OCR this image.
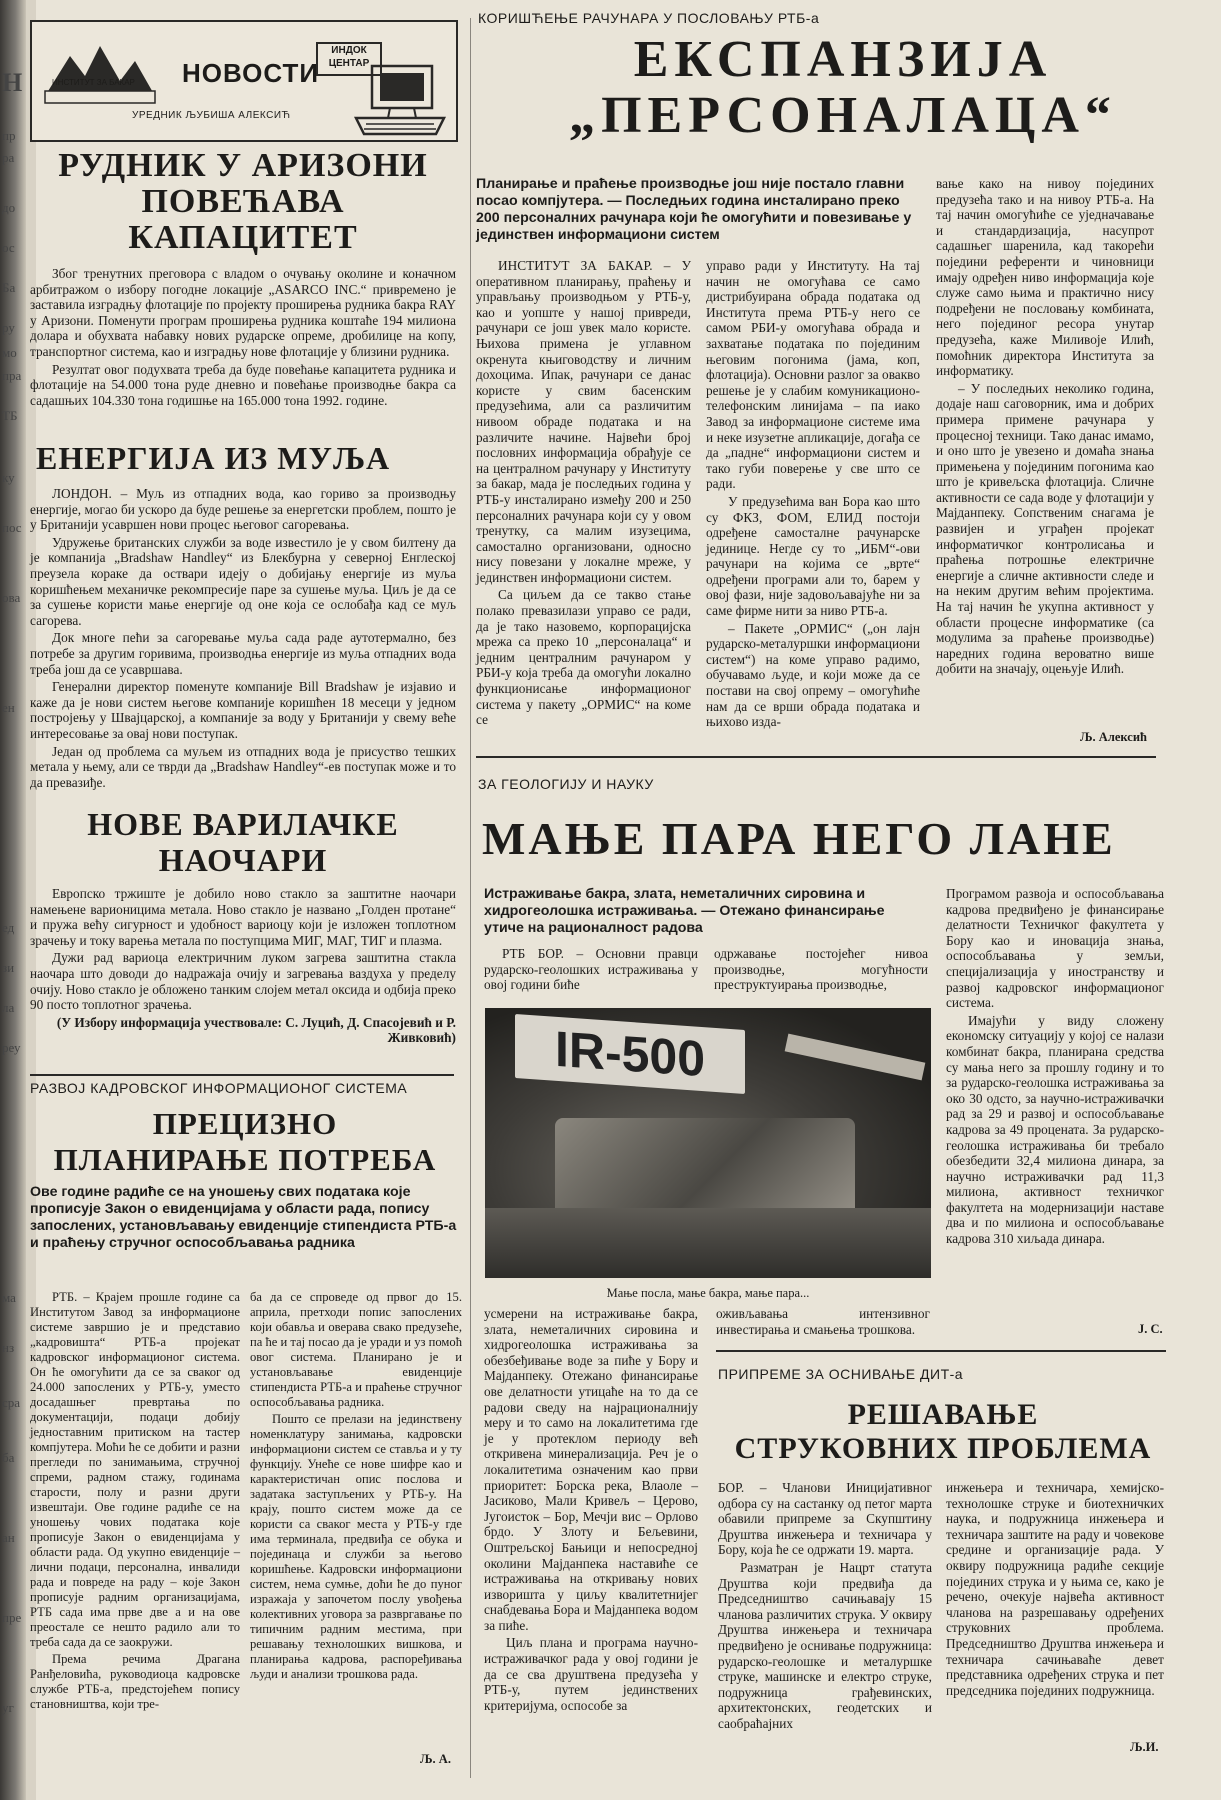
Н
пр
ра
до
ос
Ба
ру
мо
пра
ТБ
ку
пос
ова
ен
ед
зи
ла
реу
ма
нз
сра
ба
ан
пре
уг
ИНСТИТУТ ЗА БАКАР НОВОСТИ
ИНДОК ЦЕНТАР
УРЕДНИК ЉУБИША АЛЕКСИЋ
РУДНИК У АРИЗОНИ
ПОВЕЋАВА
КАПАЦИТЕТ

Због тренутних преговора с владом о очувању околине и коначном арбитражом о избору погодне локације „ASARCO INC.“ привремено је заставила изградњу флотације по пројекту проширења рудника бакра RAY у Аризони. Поменути програм проширења рудника коштаће 194 милиона долара и обухвата набавку нових рударске опреме, дробилице на копу, транспортног система, као и изградњу нове флотације у близини рудника.

Резултат овог подухвата треба да буде повећање капацитета рудника и флотације на 54.000 тона руде дневно и повећање производње бакра са садашњих 104.330 тона годишње на 165.000 тона 1992. године.

ЕНЕРГИЈА ИЗ МУЉА

ЛОНДОН. – Муљ из отпадних вода, као гориво за производњу енергије, могао би ускоро да буде решење за енергетски проблем, пошто је у Британији усавршен нови процес његовог сагоревања.

Удружење британских служби за воде известило је у свом билтену да је компанија „Bradshaw Handley“ из Блекбурна у северној Енглеској преузела кораке да оствари идеју о добијању енергије из муља коришћењем механичке рекомпресије паре за сушење муља. Циљ је да се за сушење користи мање енергије од оне која се ослобађа кад се муљ сагорева.

Док многе пећи за сагоревање муља сада раде аутотермално, без потребе за другим горивима, производња енергије из муља отпадних вода треба још да се усавршава.

Генерални директор поменуте компаније Bill Bradshaw је изјавио и каже да је нови систем његове компаније коришћен 18 месеци у једном постројењу у Швајцарској, а компаније за воду у Британији у свему веће интересовање за овај нови поступак.

Један од проблема са муљем из отпадних вода је присуство тешких метала у њему, али се тврди да „Bradshaw Handley“-ев поступак може и то да превазиђе.

НОВЕ ВАРИЛАЧКЕ
НАОЧАРИ

Европско тржиште је добило ново стакло за заштитне наочари намењене варионицима метала. Ново стакло је названо „Голден протане“ и пружа већу сигурност и удобност вариоцу који је изложен топлотном зрачењу и току варења метала по поступцима МИГ, МАГ, ТИГ и плазма.

Дужи рад вариоца електричним луком загрева заштитна стакла наочара што доводи до надражаја очију и загревања ваздуха у пределу очију. Ново стакло је обложено танким слојем метал оксида и одбија преко 90 посто топлотног зрачења.

(У Избору информација учествовале: С. Луцић, Д. Спасојевић и Р. Живковић)

РАЗВОЈ КАДРОВСКОГ ИНФОРМАЦИОНОГ СИСТЕМА
ПРЕЦИЗНО
ПЛАНИРАЊЕ ПОТРЕБА
Ове године радиће се на уношењу свих података које прописује Закон о евиденцијама у области рада, попису запослених, установљавању евиденције стипендиста РТБ-а и праћењу стручног оспособљавања радника

РТБ. – Крајем прошле године са Институтом Завод за информационе системе завршио је и представио „кадровишта“ РТБ-а пројекат кадровског информационог система. Он ће омогућити да се за сваког од 24.000 запослених у РТБ-у, уместо досадашњег превртања по документацији, подаци добију једноставним притиском на тастер компјутера. Моћи ће се добити и разни прегледи по занимањима, стручној спреми, радном стажу, годинама старости, полу и разни други извештаји. Ове године радиће се на уношењу чових података које прописује Закон о евиденцијама у области рада. Од укупно евиденције – лични подаци, персонална, инвалиди рада и повреде на раду – које Закон прописује радним организацијама, РТБ сада има прве две а и на ове преостале се нешто радило али то треба сада да се заокружи.

Према речима Драгана Ранђеловића, руководиоца кадровске службе РТБ-а, предстојећем попису становништва, који тре-

ба да се спроведе од првог до 15. априла, претходи попис запослених који обавља и оверава свако предузеће, па ће и тај посао да је уради и уз помоћ овог система. Планирано је и установљавање евиденције стипендиста РТБ-а и праћење стручног оспособљавања радника.

Пошто се прелази на јединствену номенклатуру занимања, кадровски информациони систем се ставља и у ту функцију. Унеће се нове шифре као и карактеристичан опис послова и задатака заступљених у РТБ-у. На крају, пошто систем може да се користи са сваког места у РТБ-у где има терминала, предвиђа се обука и појединаца и служби за његово коришћење. Кадровски информациони систем, нема сумње, доћи ће до пуног изражаја у започетом послу увођења колективних уговора за развргавање по типичним радним местима, при решавању технолошких вишкова, и планирања кадрова, распоређивања људи и анализи трошкова рада.

Љ. А.
КОРИШЋЕЊЕ РАЧУНАРА У ПОСЛОВАЊУ РТБ-а
ЕКСПАНЗИЈА
„ПЕРСОНАЛАЦА“
Планирање и праћење производње још није постало главни посао компјутера. — Последњих година инсталирано преко 200 персоналних рачунара који ће омогућити и повезивање у јединствен информациони систем

ИНСТИТУТ ЗА БАКАР. – У оперативном планирању, праћењу и управљању производњом у РТБ-у, као и уопште у нашој привреди, рачунари се још увек мало користе. Њихова примена је углавном окренута књиговодству и личним дохоцима. Ипак, рачунари се данас користе у свим басенским предузећима, али са различитим нивоом обраде података и на различите начине. Највећи број пословних информација обрађује се на централном рачунару у Институту за бакар, мада је последњих година у РТБ-у инсталирано између 200 и 250 персоналних рачунара који су у овом тренутку, са малим изузецима, самостално организовани, односно нису повезани у локалне мреже, у јединствен информациони систем.

Са циљем да се такво стање полако превазилази управо се ради, да је тако назовемо, корпорацијска мрежа са преко 10 „персоналаца“ и једним централним рачунаром у РБИ-у која треба да омогући локално функционисање информационог система у пакету „ОРМИС“ на коме се

управо ради у Институту. На тај начин не омогућава се само дистрибуирана обрада података од Института према РТБ-у него се самом РБИ-у омогућава обрада и захватање података по појединим његовим погонима (јама, коп, флотација). Основни разлог за овакво решење је у слабим комуникационо-телефонским линијама – па иако Завод за информационе системе има и неке изузетне апликације, догађа се да „падне“ информациони систем и тако губи поверење у све што се ради.

У предузећима ван Бора као што су ФКЗ, ФОМ, ЕЛИД постоји одређене самосталне рачунарске јединице. Негде су то „ИБМ“-ови рачунари на којима се „врте“ одређени програми али то, барем у овој фази, није задовољавајуће ни за саме фирме нити за ниво РТБ-а.

– Пакете „ОРМИС“ („он лајн рударско-металуршки информациони систем“) на коме управо радимо, обучавамо људе, и који може да се постави на свој опрему – омогућиће нам да се врши обрада података и њихово изда-

вање како на нивоу појединих предузећа тако и на нивоу РТБ-а. На тај начин омогућиће се уједначавање и стандардизација, насупрот садашњег шаренила, кад такорећи поједини референти и чиновници имају одређен ниво информација које служе само њима и практично нису подређени не пословању комбината, него појединог ресора унутар предузећа, каже Миливоје Илић, помоћник директора Института за информатику.

– У последњих неколико година, додаје наш саговорник, има и добрих примера примене рачунара у процесној техници. Тако данас имамо, и оно што је увезено и домаћа знања примењена у појединим погонима као што је кривељска флотација. Сличне активности се сада воде у флотацији у Мајданпеку. Сопственим снагама је развијен и уграђен пројекат информатичког контролисања и праћења потрошње електричне енергије а сличне активности следе и на неким другим већим пројектима. На тај начин ће укупна активност у области процесне информатике (са модулима за праћење производње) наредних година вероватно више добити на значају, оцењује Илић.

Љ. Алексић
ЗА ГЕОЛОГИЈУ И НАУКУ
МАЊЕ ПАРА НЕГО ЛАНЕ
Истраживање бакра, злата, неметаличних сировина и хидрогеолошка истраживања. — Отежано финансирање утиче на рационалност радова

РТБ БОР. – Основни правци рударско-геолошких истраживања у овој години биће

одржавање постојећег нивоа производње, могућности преструктуирања производње,

IR-500
Мање посла, мање бакра, мање пара...

усмерени на истраживање бакра, злата, неметаличних сировина и хидрогеолошка истраживања за обезбеђивање воде за пиће у Бору и Мајданпеку. Отежано финансирање ове делатности утицаће на то да се радови сведу на најрационалнију меру и то само на локалитетима где је у протеклом периоду већ откривена минерализација. Реч је о локалитетима означеним као први приоритет: Борска река, Влаоле – Јасиково, Мали Кривељ – Церово, Југоисток – Бор, Мечји вис – Орлово брдо. У Злоту и Бељевини, Оштрељској Бањици и непосредној околини Мајданпека наставиће се истраживања на откривању нових изворишта у циљу квалитетнијег снабдевања Бора и Мајданпека водом за пиће.

Циљ плана и програма научно-истраживачког рада у овој години је да се сва друштвена предузећа у РТБ-у, путем јединствених критеријума, оспособе за

оживљавања интензивног инвестирања и смањења трошкова.

Програмом развоја и оспособљавања кадрова предвиђено је финансирање делатности Техничког факултета у Бору као и иновација знања, оспособљавања у земљи, специјализација у иностранству и развој кадровског информационог система.

Имајући у виду сложену економску ситуацију у којој се налази комбинат бакра, планирана средства су мања него за прошлу годину и то за рударско-геолошка истраживања за око 30 одсто, за научно-истраживачки рад за 29 и развој и оспособљавање кадрова за 49 процената. За рударско-геолошка истраживања би требало обезбедити 32,4 милиона динара, за научно истраживачки рад 11,3 милиона, активност техничког факултета на модернизацији наставе два и по милиона и оспособљавање кадрова 310 хиљада динара.

Ј. С.
ПРИПРЕМЕ ЗА ОСНИВАЊЕ ДИТ-а
РЕШАВАЊЕ
СТРУКОВНИХ ПРОБЛЕМА

БОР. – Чланови Иницијативног одбора су на састанку од петог марта обавили припреме за Скупштину Друштва инжењера и техничара у Бору, која ће се одржати 19. марта.

Разматран је Нацрт статута Друштва који предвиђа да Председништво сачињавају 15 чланова различитих струка. У оквиру Друштва инжењера и техничара предвиђено је оснивање подружница: рударско-геолошке и металуршке струке, машинске и електро струке, подружница грађевинских, архитектонских, геодетских и саобраћајних

инжењера и техничара, хемијско-технолошке струке и биотехничких наука, и подружница инжењера и техничара заштите на раду и човекове средине и организације рада. У оквиру подружница радиће секције појединих струка и у њима се, како је речено, очекује највећа активност чланова на разрешавању одређених струковних проблема. Председништво Друштва инжењера и техничара сачињаваће девет представника одређених струка и пет председника појединих подружница.

Љ.И.
